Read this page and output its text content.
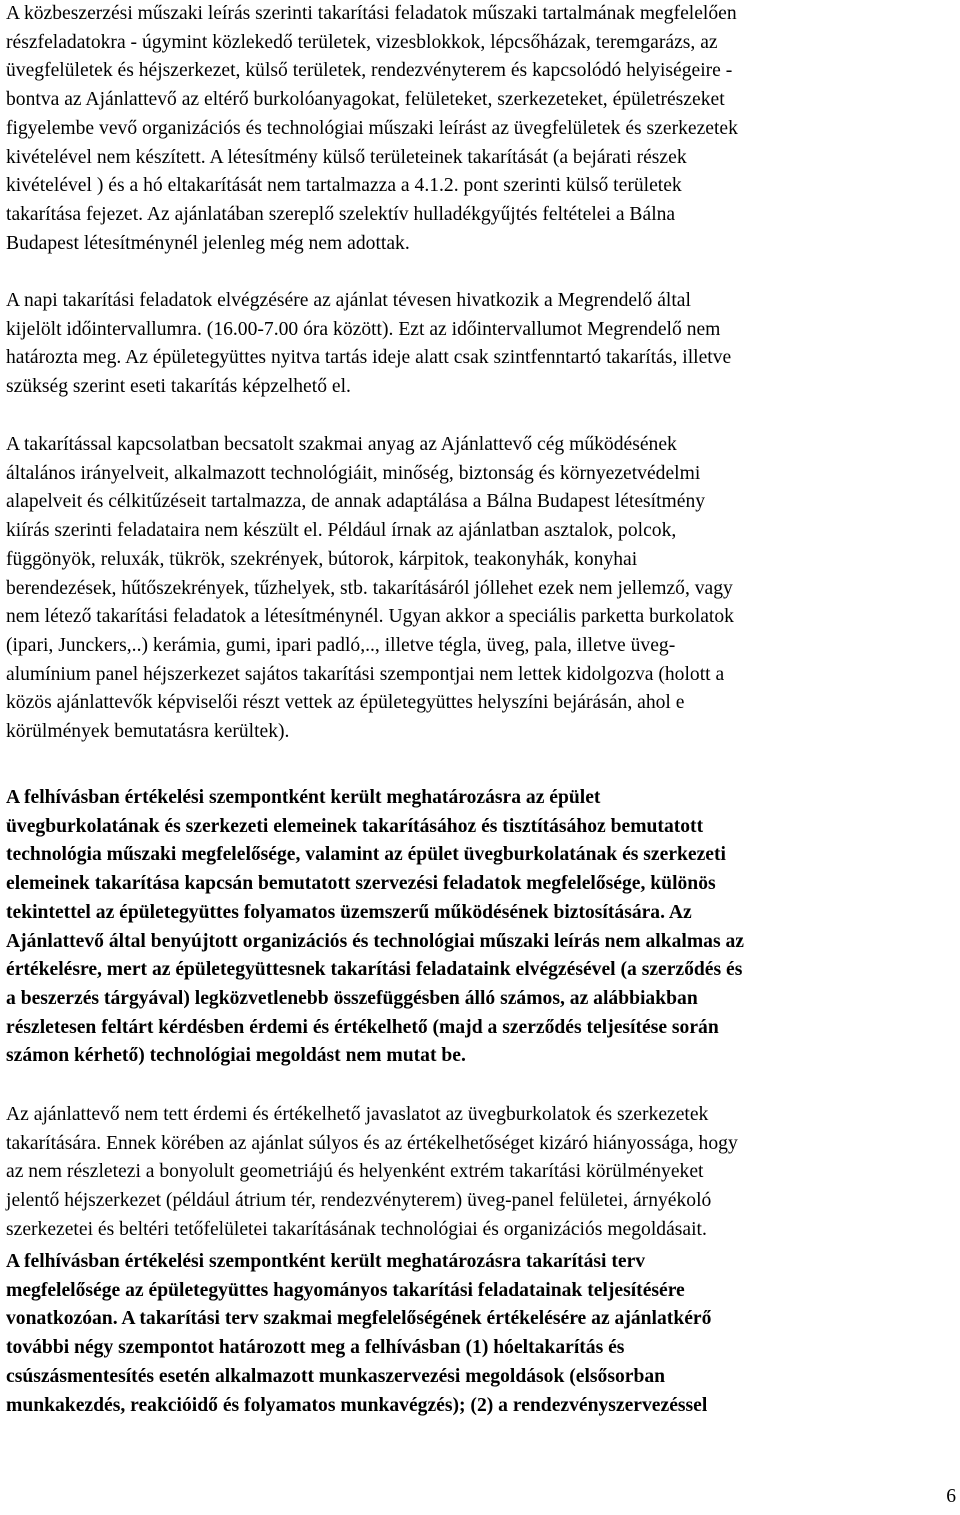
A közbeszerzési műszaki leírás szerinti takarítási feladatok műszaki tartalmának megfelelően
részfeladatokra - úgymint közlekedő területek, vizesblokkok, lépcsőházak, teremgarázs, az
üvegfelületek és héjszerkezet, külső területek, rendezvényterem és kapcsolódó helyiségeire -
bontva az Ajánlattevő az eltérő burkolóanyagokat, felületeket, szerkezeteket, épületrészeket
figyelembe vevő organizációs és technológiai műszaki leírást az üvegfelületek és szerkezetek
kivételével nem készített. A létesítmény külső területeinek takarítását (a bejárati részek
kivételével ) és a hó eltakarítását nem tartalmazza a 4.1.2. pont szerinti külső területek
takarítása fejezet. Az ajánlatában szereplő szelektív hulladékgyűjtés feltételei a Bálna
Budapest létesítménynél jelenleg még nem adottak.

A napi takarítási feladatok elvégzésére az ajánlat tévesen hivatkozik a Megrendelő által
kijelölt időintervallumra. (16.00-7.00 óra között). Ezt az időintervallumot Megrendelő nem
határozta meg. Az épületegyüttes nyitva tartás ideje alatt csak szintfenntartó takarítás, illetve
szükség szerint eseti takarítás képzelhető el.

A takarítással kapcsolatban becsatolt szakmai anyag az Ajánlattevő cég működésének
általános irányelveit, alkalmazott technológiáit, minőség, biztonság és környezetvédelmi
alapelveit és célkitűzéseit tartalmazza, de annak adaptálása a Bálna Budapest létesítmény
kiírás szerinti feladataira nem készült el. Például írnak az ajánlatban asztalok, polcok,
függönyök, reluxák, tükrök, szekrények, bútorok, kárpitok, teakonyhák, konyhai
berendezések, hűtőszekrények, tűzhelyek, stb. takarításáról jóllehet ezek nem jellemző, vagy
nem létező takarítási feladatok a létesítménynél. Ugyan akkor a speciális parketta burkolatok
(ipari, Junckers,..) kerámia, gumi, ipari padló,.., illetve tégla, üveg, pala, illetve üveg-
alumínium panel héjszerkezet sajátos takarítási szempontjai nem lettek kidolgozva (holott a
közös ajánlattevők képviselői részt vettek az épületegyüttes helyszíni bejárásán, ahol e
körülmények bemutatásra kerültek).

A felhívásban értékelési szempontként került meghatározásra az épület
üvegburkolatának és szerkezeti elemeinek takarításához és tisztításához bemutatott
technológia műszaki megfelelősége, valamint az épület üvegburkolatának és szerkezeti
elemeinek takarítása kapcsán bemutatott szervezési feladatok megfelelősége, különös
tekintettel az épületegyüttes folyamatos üzemszerű működésének biztosítására. Az
Ajánlattevő által benyújtott organizációs és technológiai műszaki leírás nem alkalmas az
értékelésre, mert az épületegyüttesnek takarítási feladataink elvégzésével (a szerződés és
a beszerzés tárgyával) legközvetlenebb összefüggésben álló számos, az alábbiakban
részletesen feltárt kérdésben érdemi és értékelhető (majd a szerződés teljesítése során
számon kérhető) technológiai megoldást nem mutat be.

Az ajánlattevő nem tett érdemi és értékelhető javaslatot az üvegburkolatok és szerkezetek
takarítására. Ennek körében az ajánlat súlyos és az értékelhetőséget kizáró hiányossága, hogy
az nem részletezi a bonyolult geometriájú és helyenként extrém takarítási körülményeket
jelentő héjszerkezet (például átrium tér, rendezvényterem) üveg-panel felületei, árnyékoló
szerkezetei és beltéri tetőfelületei takarításának technológiai és organizációs megoldásait.

A felhívásban értékelési szempontként került meghatározásra takarítási terv
megfelelősége az épületegyüttes hagyományos takarítási feladatainak teljesítésére
vonatkozóan. A takarítási terv szakmai megfelelőségének értékelésére az ajánlatkérő
további négy szempontot határozott meg a felhívásban (1) hóeltakarítás és
csúszásmentesítés esetén alkalmazott munkaszervezési megoldások (elsősorban
munkakezdés, reakcióidő és folyamatos munkavégzés); (2) a rendezvényszervezéssel

6
